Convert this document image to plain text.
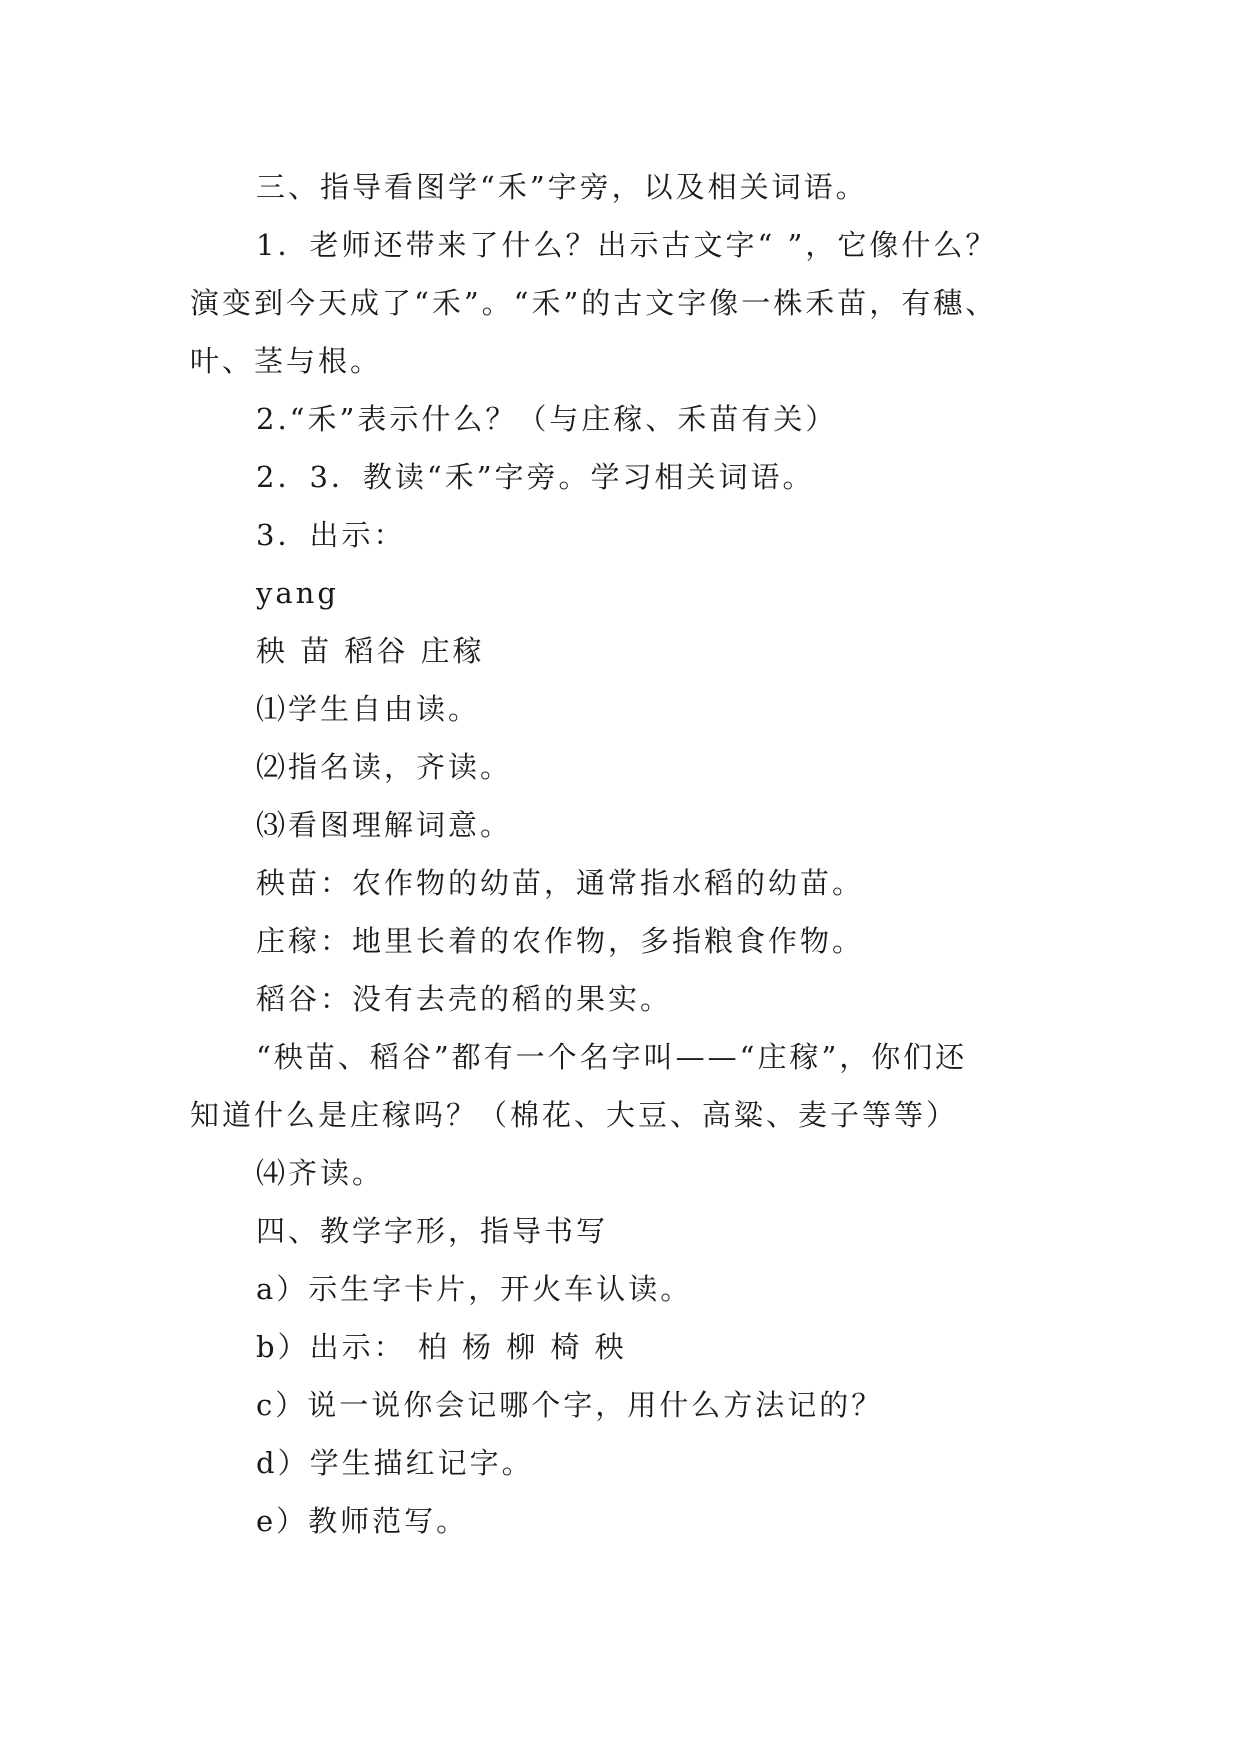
三、指导看图学“禾”字旁，以及相关词语。
1．老师还带来了什么？出示古文字“ ”，它像什么？
演变到今天成了“禾”。“禾”的古文字像一株禾苗，有穗、
叶、茎与根。
2.“禾”表示什么？（与庄稼、禾苗有关）
2．3．教读“禾”字旁。学习相关词语。
3．出示：
yang
秧 苗 稻谷 庄稼
⑴学生自由读。
⑵指名读，齐读。
⑶看图理解词意。
秧苗：农作物的幼苗，通常指水稻的幼苗。
庄稼：地里长着的农作物，多指粮食作物。
稻谷：没有去壳的稻的果实。
“秧苗、稻谷”都有一个名字叫——“庄稼”，你们还
知道什么是庄稼吗？（棉花、大豆、高粱、麦子等等）
⑷齐读。
四、教学字形，指导书写
a）示生字卡片，开火车认读。
b）出示： 柏 杨 柳 椅 秧
c）说一说你会记哪个字，用什么方法记的？
d）学生描红记字。
e）教师范写。
